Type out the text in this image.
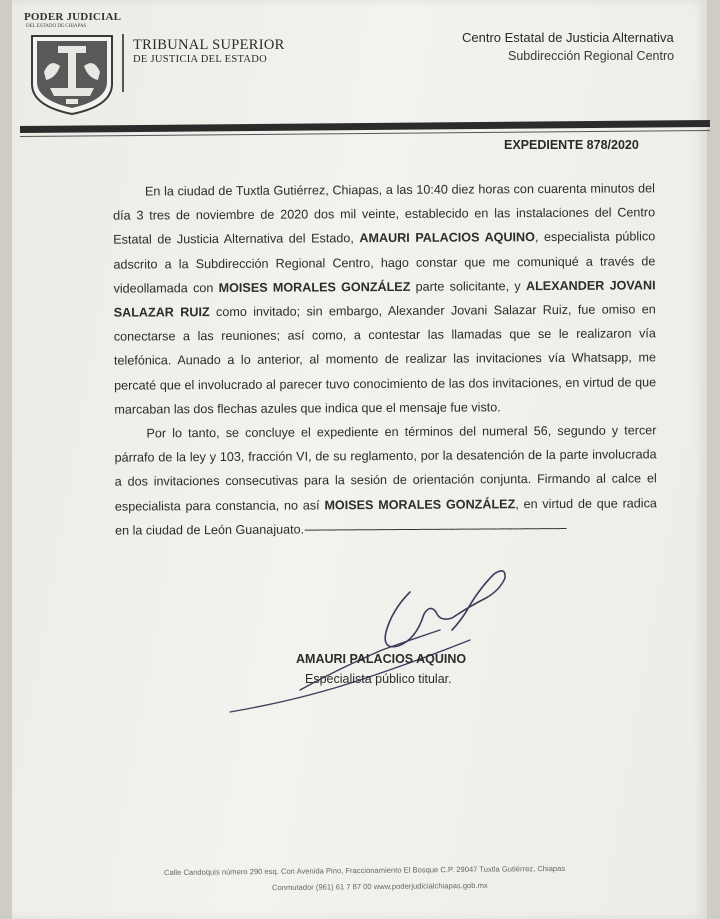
PODER JUDICIAL
DEL ESTADO DE CHIAPAS
TRIBUNAL SUPERIOR
DE JUSTICIA DEL ESTADO
Centro Estatal de Justicia Alternativa
Subdirección Regional Centro
EXPEDIENTE 878/2020

En la ciudad de Tuxtla Gutiérrez, Chiapas, a las 10:40 diez horas con cuarenta minutos del día 3 tres de noviembre de 2020 dos mil veinte, establecido en las instalaciones del Centro Estatal de Justicia Alternativa del Estado, AMAURI PALACIOS AQUINO, especialista público adscrito a la Subdirección Regional Centro, hago constar que me comuniqué a través de videollamada con MOISES MORALES GONZÁLEZ parte solicitante, y ALEXANDER JOVANI SALAZAR RUIZ como invitado; sin embargo, Alexander Jovani Salazar Ruiz, fue omiso en conectarse a las reuniones; así como, a contestar las llamadas que se le realizaron vía telefónica. Aunado a lo anterior, al momento de realizar las invitaciones vía Whatsapp, me percaté que el involucrado al parecer tuvo conocimiento de las dos invitaciones, en virtud de que marcaban las dos flechas azules que indica que el mensaje fue visto.

Por lo tanto, se concluye el expediente en términos del numeral 56, segundo y tercer párrafo de la ley y 103, fracción VI, de su reglamento, por la desatención de la parte involucrada a dos invitaciones consecutivas para la sesión de orientación conjunta. Firmando al calce el especialista para constancia, no así MOISES MORALES GONZÁLEZ, en virtud de que radica en la ciudad de León Guanajuato.----------------------------------------------------------------------------------

AMAURI PALACIOS AQUINO
Especialista público titular.
Calle Candoquis número 290 esq. Con Avenida Pino, Fraccionamiento El Bosque C.P. 29047 Tuxtla Gutiérrez, Chiapas
Conmutador (961) 61 7 87 00 www.poderjudicialchiapas.gob.mx
